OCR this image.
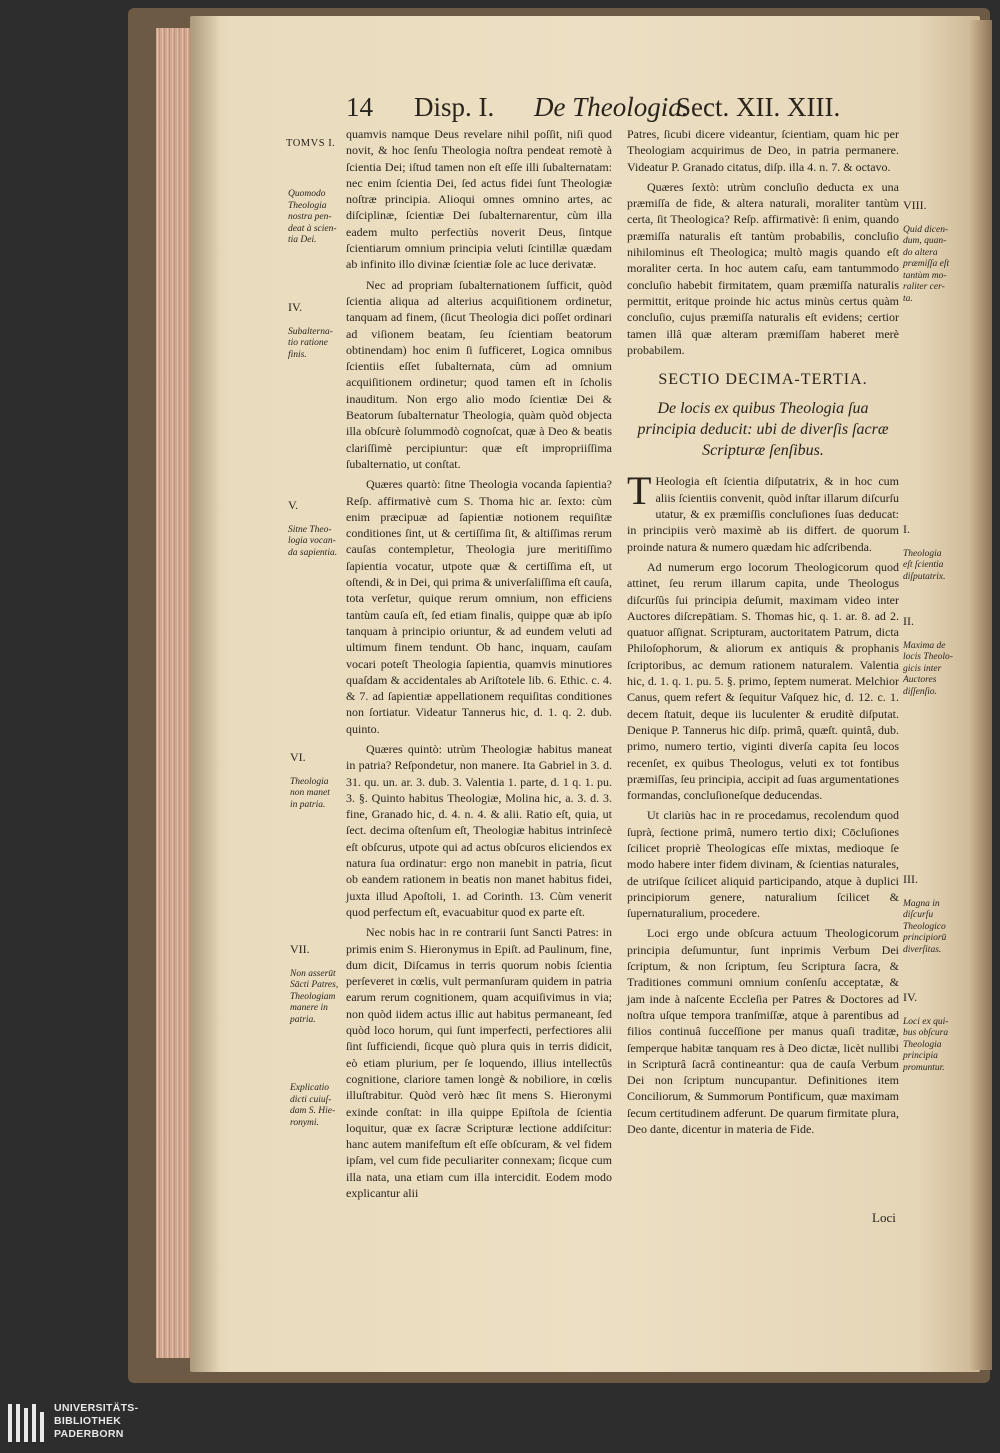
14 Disp. I. De Theologia.
Sect. XII. XIII.
TOMVS I.

Quomodo
Theologia
nostra pen-
deat à scien-
tia Dei.

IV.

Subalterna-
tio ratione
finis.

V.

Sitne Theo-
logia vocan-
da sapientia.

VI.

Theologia
non manet
in patria.

VII.

Non asserūt
Sācti Patres,
Theologiam
manere in
patria.

Explicatio
dicti cuiuſ-
dam S. Hie-
ronymi.

quamvis namque Deus revelare nihil poſſit, niſi quod novit, & hoc ſenſu Theologia noſtra pendeat remotè à ſcientia Dei; iſtud tamen non eſt eſſe illi ſubalternatam: nec enim ſcientia Dei, ſed actus fidei ſunt Theologiæ noſtræ principia. Alioqui omnes omnino artes, ac diſciplinæ, ſcientiæ Dei ſubalternarentur, cùm illa eadem multo perfectiùs noverit Deus, ſintque ſcientiarum omnium principia veluti ſcintillæ quædam ab infinito illo divinæ ſcientiæ ſole ac luce derivatæ.

Nec ad propriam ſubalternationem ſufficit, quòd ſcientia aliqua ad alterius acquiſitionem ordinetur, tanquam ad finem, (ſicut Theologia dici poſſet ordinari ad viſionem beatam, ſeu ſcientiam beatorum obtinendam) hoc enim ſi ſufficeret, Logica omnibus ſcientiis eſſet ſubalternata, cùm ad omnium acquiſitionem ordinetur; quod tamen eſt in ſcholis inauditum. Non ergo alio modo ſcientiæ Dei & Beatorum ſubalternatur Theologia, quàm quòd objecta illa obſcurè ſolummodò cognoſcat, quæ à Deo & beatis clariſſimè percipiuntur: quæ eſt impropriiſſima ſubalternatio, ut conſtat.

Quæres quartò: ſitne Theologia vocanda ſapientia? Reſp. affirmativè cum S. Thoma hic ar. ſexto: cùm enim præcipuæ ad ſapientiæ notionem requiſitæ conditiones ſint, ut & certiſſima ſit, & altiſſimas rerum cauſas contempletur, Theologia jure meritiſſimo ſapientia vocatur, utpote quæ & certiſſima eſt, ut oſtendi, & in Dei, qui prima & univerſaliſſima eſt cauſa, tota verſetur, quique rerum omnium, non efficiens tantùm cauſa eſt, ſed etiam finalis, quippe quæ ab ipſo tanquam à principio oriuntur, & ad eundem veluti ad ultimum finem tendunt. Ob hanc, inquam, cauſam vocari poteſt Theologia ſapientia, quamvis minutiores quaſdam & accidentales ab Ariſtotele lib. 6. Ethic. c. 4. & 7. ad ſapientiæ appellationem requiſitas conditiones non ſortiatur. Videatur Tannerus hic, d. 1. q. 2. dub. quinto.

Quæres quintò: utrùm Theologiæ habitus maneat in patria? Reſpondetur, non manere. Ita Gabriel in 3. d. 31. qu. un. ar. 3. dub. 3. Valentia 1. parte, d. 1 q. 1. pu. 3. §. Quinto habitus Theologiæ, Molina hic, a. 3. d. 3. fine, Granado hic, d. 4. n. 4. & alii. Ratio eſt, quia, ut ſect. decima oſtenſum eſt, Theologiæ habitus intrinſecè eſt obſcurus, utpote qui ad actus obſcuros eliciendos ex natura ſua ordinatur: ergo non manebit in patria, ſicut ob eandem rationem in beatis non manet habitus fidei, juxta illud Apoſtoli, 1. ad Corinth. 13. Cùm venerit quod perfectum eſt, evacuabitur quod ex parte eſt.

Nec nobis hac in re contrarii ſunt Sancti Patres: in primis enim S. Hieronymus in Epiſt. ad Paulinum, fine, dum dicit, Diſcamus in terris quorum nobis ſcientia perſeveret in cœlis, vult permanſuram quidem in patria earum rerum cognitionem, quam acquiſivimus in via; non quòd iidem actus illic aut habitus permaneant, ſed quòd loco horum, qui ſunt imperfecti, perfectiores alii ſint ſufficiendi, ſicque quò plura quis in terris didicit, eò etiam plurium, per ſe loquendo, illius intellectûs cognitione, clariore tamen longè & nobiliore, in cœlis illuſtrabitur. Quòd verò hæc ſit mens S. Hieronymi exinde conſtat: in illa quippe Epiſtola de ſcientia loquitur, quæ ex ſacræ Scripturæ lectione addiſcitur: hanc autem manifeſtum eſt eſſe obſcuram, & vel fidem ipſam, vel cum fide peculiariter connexam; ſicque cum illa nata, una etiam cum illa intercidit. Eodem modo explicantur alii

Patres, ſicubi dicere videantur, ſcientiam, quam hic per Theologiam acquirimus de Deo, in patria permanere. Videatur P. Granado citatus, diſp. illa 4. n. 7. & octavo.

Quæres ſextò: utrùm concluſio deducta ex una præmiſſa de fide, & altera naturali, moraliter tantùm certa, ſit Theologica? Reſp. affirmativè: ſi enim, quando præmiſſa naturalis eſt tantùm probabilis, concluſio nihilominus eſt Theologica; multò magis quando eſt moraliter certa. In hoc autem caſu, eam tantummodo concluſio habebit firmitatem, quam præmiſſa naturalis permittit, eritque proinde hic actus minùs certus quàm concluſio, cujus præmiſſa naturalis eſt evidens; certior tamen illâ quæ alteram præmiſſam haberet merè probabilem.

SECTIO DECIMA-TERTIA.
De locis ex quibus Theologia ſua principia deducit: ubi de diverſis ſacræ Scripturæ ſenſibus.

T Heologia eſt ſcientia diſputatrix, & in hoc cum aliis ſcientiis convenit, quòd inſtar illarum diſcurſu utatur, & ex præmiſſis concluſiones ſuas deducat: in principiis verò maximè ab iis differt. de quorum proinde natura & numero quædam hic adſcribenda.

Ad numerum ergo locorum Theologicorum quod attinet, ſeu rerum illarum capita, unde Theologus diſcurſûs ſui principia deſumit, maximam video inter Auctores diſcrepātiam. S. Thomas hic, q. 1. ar. 8. ad 2. quatuor aſſignat. Scripturam, auctoritatem Patrum, dicta Philoſophorum, & aliorum ex antiquis & prophanis ſcriptoribus, ac demum rationem naturalem. Valentia hic, d. 1. q. 1. pu. 5. §. primo, ſeptem numerat. Melchior Canus, quem refert & ſequitur Vaſquez hic, d. 12. c. 1. decem ſtatuit, deque iis luculenter & eruditè diſputat. Denique P. Tannerus hic diſp. primâ, quæſt. quintâ, dub. primo, numero tertio, viginti diverſa capita ſeu locos recenſet, ex quibus Theologus, veluti ex tot fontibus præmiſſas, ſeu principia, accipit ad ſuas argumentationes formandas, concluſioneſque deducendas.

Ut clariùs hac in re procedamus, recolendum quod ſuprà, ſectione primâ, numero tertio dixi; Cōcluſiones ſcilicet propriè Theologicas eſſe mixtas, medioque ſe modo habere inter fidem divinam, & ſcientias naturales, de utriſque ſcilicet aliquid participando, atque à duplici principiorum genere, naturalium ſcilicet & ſupernaturalium, procedere.

Loci ergo unde obſcura actuum Theologicorum principia deſumuntur, ſunt inprimis Verbum Dei ſcriptum, & non ſcriptum, ſeu Scriptura ſacra, & Traditiones communi omnium conſenſu acceptatæ, & jam inde à naſcente Eccleſia per Patres & Doctores ad noſtra uſque tempora tranſmiſſæ, atque à parentibus ad filios continuâ ſucceſſione per manus quaſi traditæ, ſemperque habitæ tanquam res à Deo dictæ, licèt nullibi in Scripturâ ſacrâ contineantur: qua de cauſa Verbum Dei non ſcriptum nuncupantur. Definitiones item Conciliorum, & Summorum Pontificum, quæ maximam ſecum certitudinem adferunt. De quarum firmitate plura, Deo dante, dicentur in materia de Fide.

VIII.

Quid dicen-
dum, quan-
do altera
præmiſſa eſt
tantùm mo-
raliter cer-
ta.

I.

Theologia
eſt ſcientia
diſputatrix.

II.

Maxima de
locis Theolo-
gicis inter
Auctores
diſſenſio.

III.

Magna in
diſcurſu
Theologico
principiorū
diverſitas.

IV.

Loci ex qui-
bus obſcura
Theologia
principia
promuntur.

Loci
UNIVERSITÄTS-
BIBLIOTHEK
PADERBORN
